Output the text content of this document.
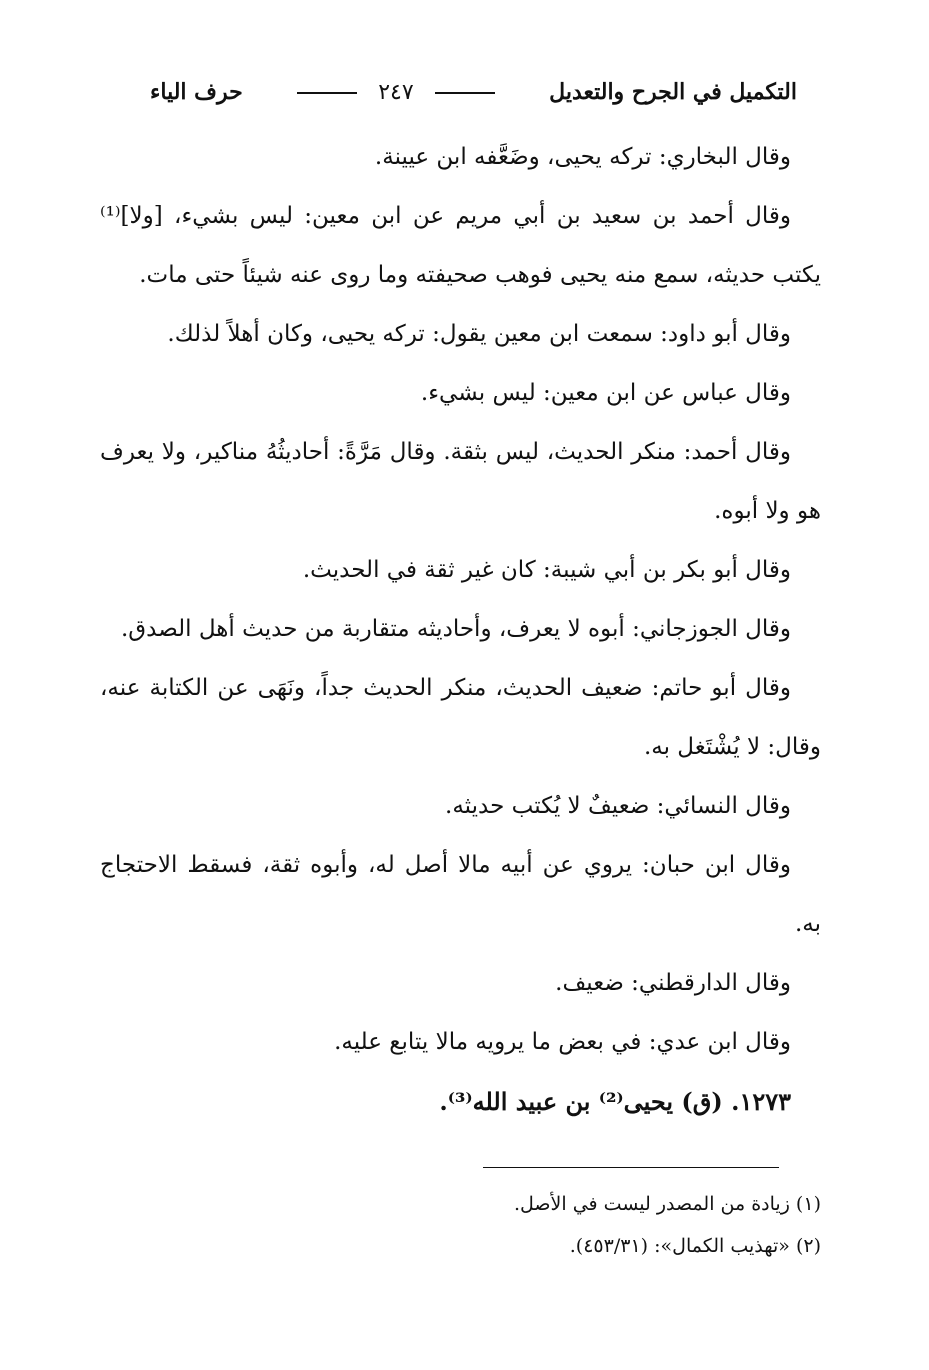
التكميل في الجرح والتعديل
٢٤٧
حرف الياء

وقال البخاري: تركه يحيى، وضَعَّفه ابن عيينة.

وقال أحمد بن سعيد بن أبي مريم عن ابن معين: ليس بشيء، [ولا]⁽¹⁾ يكتب حديثه، سمع منه يحيى فوهب صحيفته وما روى عنه شيئاً حتى مات.

وقال أبو داود: سمعت ابن معين يقول: تركه يحيى، وكان أهلاً لذلك.

وقال عباس عن ابن معين: ليس بشيء.

وقال أحمد: منكر الحديث، ليس بثقة. وقال مَرَّةً: أحاديثُهُ مناكير، ولا يعرف هو ولا أبوه.

وقال أبو بكر بن أبي شيبة: كان غير ثقة في الحديث.

وقال الجوزجاني: أبوه لا يعرف، وأحاديثه متقاربة من حديث أهل الصدق.

وقال أبو حاتم: ضعيف الحديث، منكر الحديث جداً، ونَهَى عن الكتابة عنه، وقال: لا يُشْتَغل به.

وقال النسائي: ضعيفٌ لا يُكتب حديثه.

وقال ابن حبان: يروي عن أبيه مالا أصل له، وأبوه ثقة، فسقط الاحتجاج به.

وقال الدارقطني: ضعيف.

وقال ابن عدي: في بعض ما يرويه مالا يتابع عليه.

١٢٧٣. (ق) يحيى⁽²⁾ بن عبيد الله⁽³⁾.

(١) زيادة من المصدر ليست في الأصل.

(٢) «تهذيب الكمال»: (٤٥٣/٣١).
